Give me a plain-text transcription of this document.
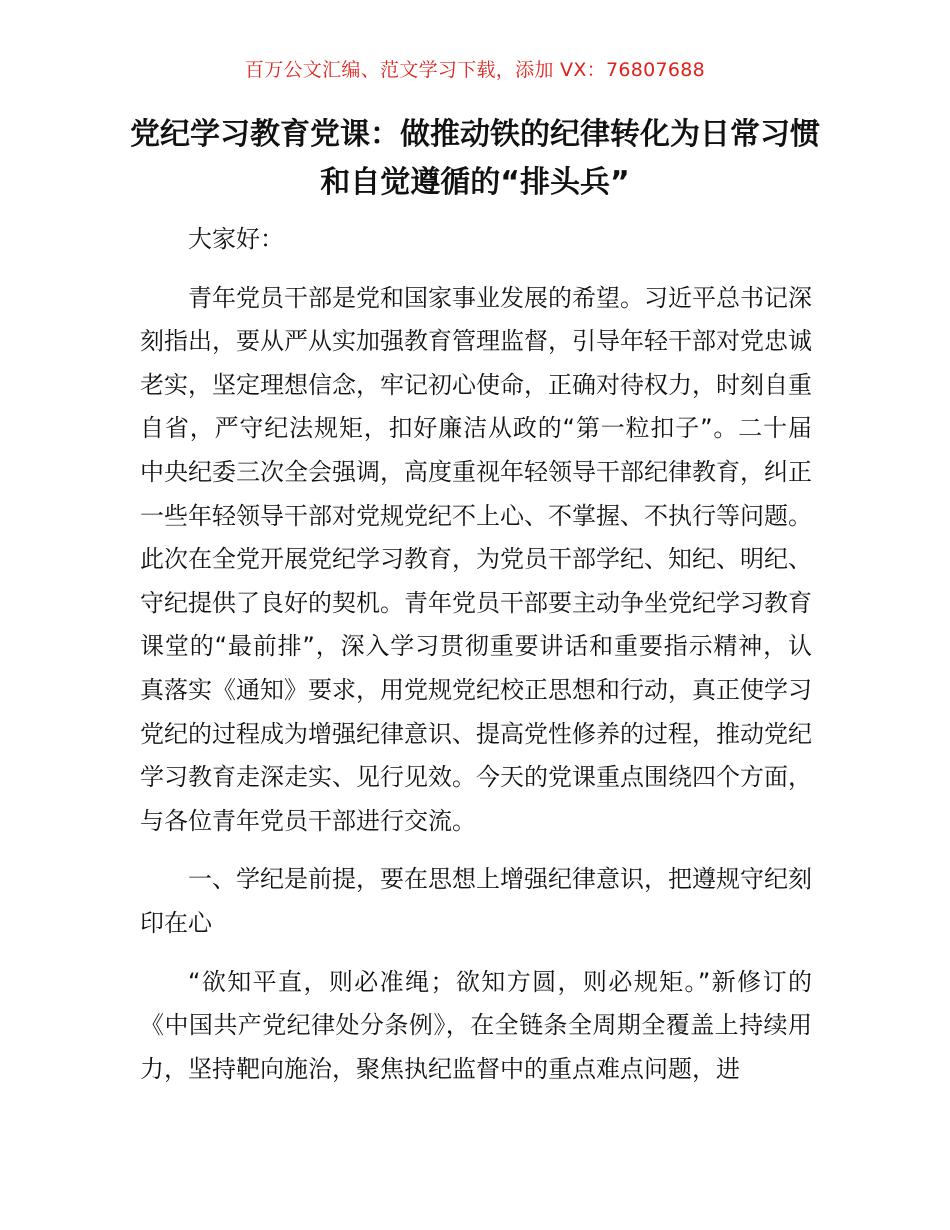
百万公文汇编、范文学习下载，添加 VX：76807688
党纪学习教育党课：做推动铁的纪律转化为日常习惯和自觉遵循的“排头兵”

大家好：

青年党员干部是党和国家事业发展的希望。习近平总书记深刻指出，要从严从实加强教育管理监督，引导年轻干部对党忠诚老实，坚定理想信念，牢记初心使命，正确对待权力，时刻自重自省，严守纪法规矩，扣好廉洁从政的“第一粒扣子”。二十届中央纪委三次全会强调，高度重视年轻领导干部纪律教育，纠正一些年轻领导干部对党规党纪不上心、不掌握、不执行等问题。此次在全党开展党纪学习教育，为党员干部学纪、知纪、明纪、守纪提供了良好的契机。青年党员干部要主动争坐党纪学习教育课堂的“最前排”，深入学习贯彻重要讲话和重要指示精神，认真落实《通知》要求，用党规党纪校正思想和行动，真正使学习党纪的过程成为增强纪律意识、提高党性修养的过程，推动党纪学习教育走深走实、见行见效。今天的党课重点围绕四个方面，与各位青年党员干部进行交流。

一、学纪是前提，要在思想上增强纪律意识，把遵规守纪刻印在心

“欲知平直，则必准绳；欲知方圆，则必规矩。”新修订的《中国共产党纪律处分条例》，在全链条全周期全覆盖上持续用力，坚持靶向施治，聚焦执纪监督中的重点难点问题，进
